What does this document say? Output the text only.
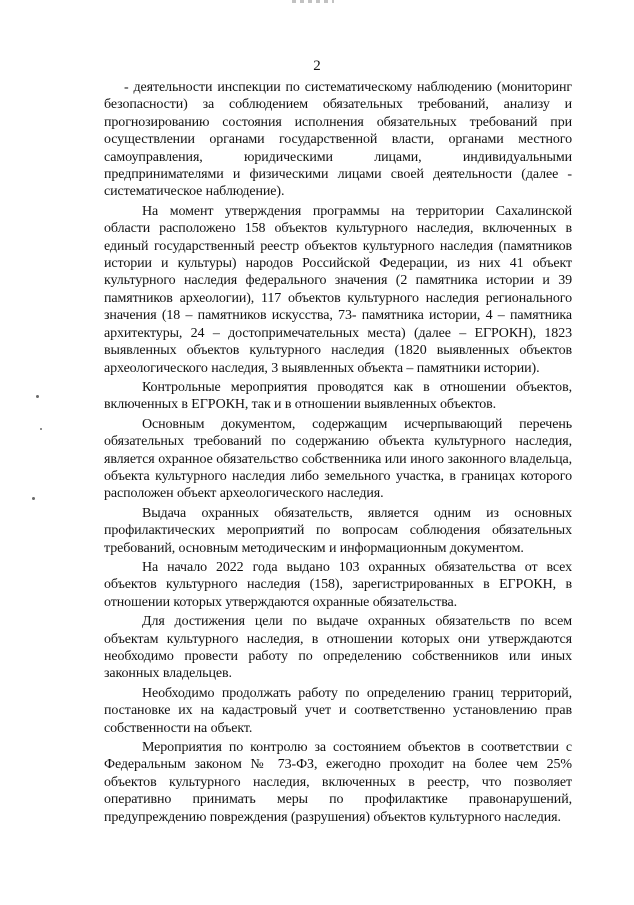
2

- деятельности инспекции по систематическому наблюдению (мониторинг безопасности) за соблюдением обязательных требований, анализу и прогнозированию состояния исполнения обязательных требований при осуществлении органами государственной власти, органами местного самоуправления, юридическими лицами, индивидуальными предпринимателями и физическими лицами своей деятельности (далее - систематическое наблюдение).

На момент утверждения программы на территории Сахалинской области расположено 158 объектов культурного наследия, включенных в единый государственный реестр объектов культурного наследия (памятников истории и культуры) народов Российской Федерации, из них 41 объект культурного наследия федерального значения (2 памятника истории и 39 памятников археологии), 117 объектов культурного наследия регионального значения (18 – памятников искусства, 73- памятника истории, 4 – памятника архитектуры, 24 – достопримечательных места) (далее – ЕГРОКН), 1823 выявленных объектов культурного наследия (1820 выявленных объектов археологического наследия, 3 выявленных объекта – памятники истории).

Контрольные мероприятия проводятся как в отношении объектов, включенных в ЕГРОКН, так и в отношении выявленных объектов.

Основным документом, содержащим исчерпывающий перечень обязательных требований по содержанию объекта культурного наследия, является охранное обязательство собственника или иного законного владельца, объекта культурного наследия либо земельного участка, в границах которого расположен объект археологического наследия.

Выдача охранных обязательств, является одним из основных профилактических мероприятий по вопросам соблюдения обязательных требований, основным методическим и информационным документом.

На начало 2022 года выдано 103 охранных обязательства от всех объектов культурного наследия (158), зарегистрированных в ЕГРОКН, в отношении которых утверждаются охранные обязательства.

Для достижения цели по выдаче охранных обязательств по всем объектам культурного наследия, в отношении которых они утверждаются необходимо провести работу по определению собственников или иных законных владельцев.

Необходимо продолжать работу по определению границ территорий, постановке их на кадастровый учет и соответственно установлению прав собственности на объект.

Мероприятия по контролю за состоянием объектов в соответствии с Федеральным законом № 73-ФЗ, ежегодно проходит на более чем 25% объектов культурного наследия, включенных в реестр, что позволяет оперативно принимать меры по профилактике правонарушений, предупреждению повреждения (разрушения) объектов культурного наследия.
